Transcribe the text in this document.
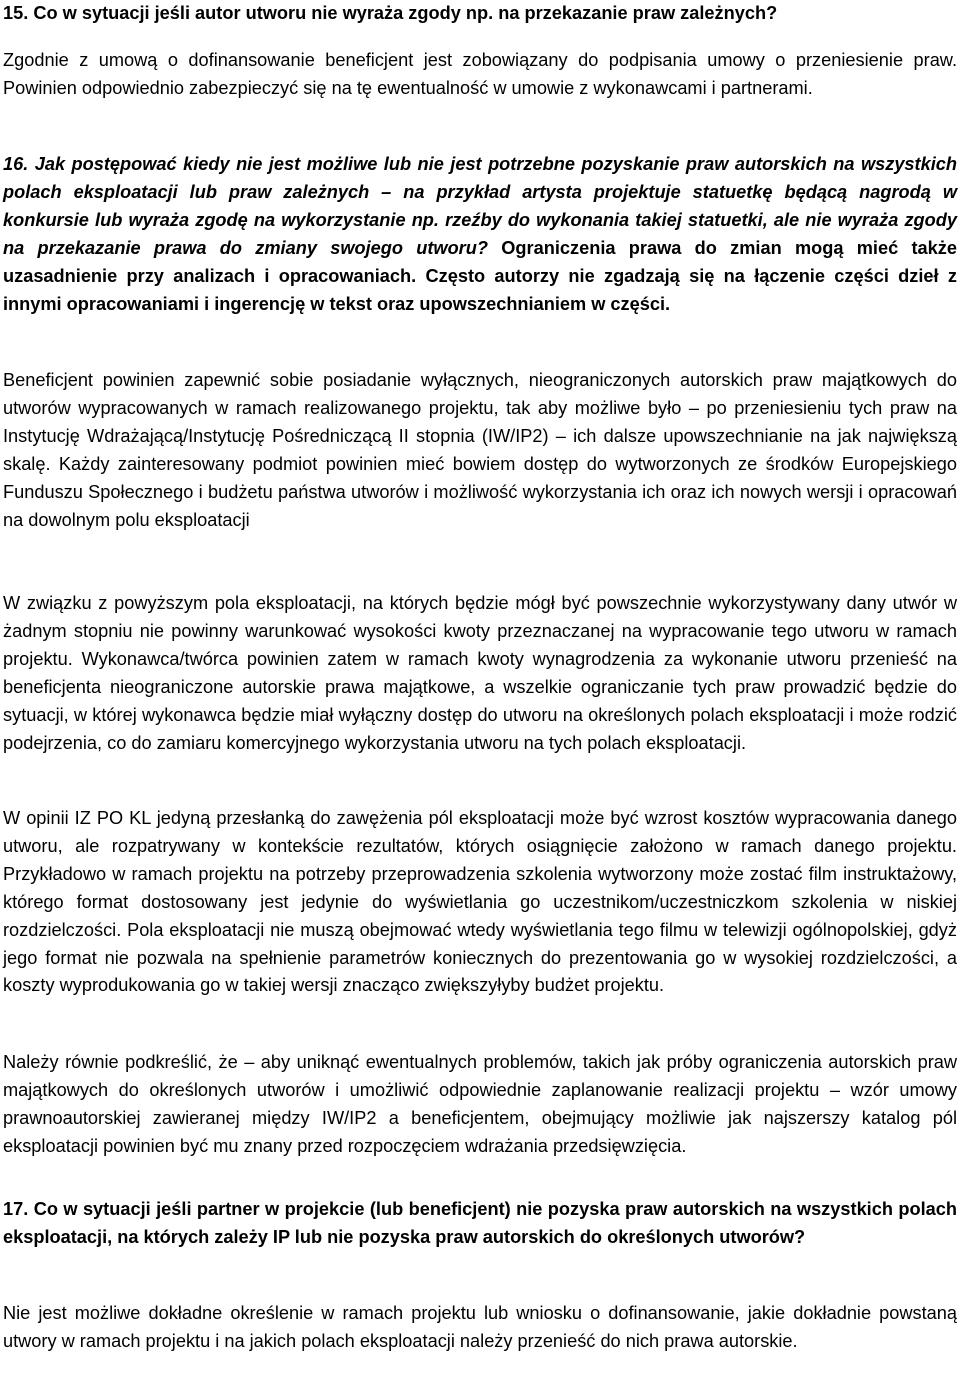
15. Co w sytuacji jeśli autor utworu nie wyraża zgody np. na przekazanie praw zależnych?

Zgodnie z umową o dofinansowanie beneficjent jest zobowiązany do podpisania umowy o przeniesienie praw. Powinien odpowiednio zabezpieczyć się na tę ewentualność w umowie z wykonawcami i partnerami.

16. Jak postępować kiedy nie jest możliwe lub nie jest potrzebne pozyskanie praw autorskich na wszystkich polach eksploatacji lub praw zależnych – na przykład artysta projektuje statuetkę będącą nagrodą w konkursie lub wyraża zgodę na wykorzystanie np. rzeźby do wykonania takiej statuetki, ale nie wyraża zgody na przekazanie prawa do zmiany swojego utworu? Ograniczenia prawa do zmian mogą mieć także uzasadnienie przy analizach i opracowaniach. Często autorzy nie zgadzają się na łączenie części dzieł z innymi opracowaniami i ingerencję w tekst oraz upowszechnianiem w części.

Beneficjent powinien zapewnić sobie posiadanie wyłącznych, nieograniczonych autorskich praw majątkowych do utworów wypracowanych w ramach realizowanego projektu, tak aby możliwe było – po przeniesieniu tych praw na Instytucję Wdrażającą/Instytucję Pośredniczącą II stopnia (IW/IP2) – ich dalsze upowszechnianie na jak największą skalę. Każdy zainteresowany podmiot powinien mieć bowiem dostęp do wytworzonych ze środków Europejskiego Funduszu Społecznego i budżetu państwa utworów i możliwość wykorzystania ich oraz ich nowych wersji i opracowań na dowolnym polu eksploatacji

W związku z powyższym pola eksploatacji, na których będzie mógł być powszechnie wykorzystywany dany utwór w żadnym stopniu nie powinny warunkować wysokości kwoty przeznaczanej na wypracowanie tego utworu w ramach projektu. Wykonawca/twórca powinien zatem w ramach kwoty wynagrodzenia za wykonanie utworu przenieść na beneficjenta nieograniczone autorskie prawa majątkowe, a wszelkie ograniczanie tych praw prowadzić będzie do sytuacji, w której wykonawca będzie miał wyłączny dostęp do utworu na określonych polach eksploatacji i może rodzić podejrzenia, co do zamiaru komercyjnego wykorzystania utworu na tych polach eksploatacji.

W opinii IZ PO KL jedyną przesłanką do zawężenia pól eksploatacji może być wzrost kosztów wypracowania danego utworu, ale rozpatrywany w kontekście rezultatów, których osiągnięcie założono w ramach danego projektu. Przykładowo w ramach projektu na potrzeby przeprowadzenia szkolenia wytworzony może zostać film instruktażowy, którego format dostosowany jest jedynie do wyświetlania go uczestnikom/uczestniczkom szkolenia w niskiej rozdzielczości. Pola eksploatacji nie muszą obejmować wtedy wyświetlania tego filmu w telewizji ogólnopolskiej, gdyż jego format nie pozwala na spełnienie parametrów koniecznych do prezentowania go w wysokiej rozdzielczości, a koszty wyprodukowania go w takiej wersji znacząco zwiększyłyby budżet projektu.

Należy równie podkreślić, że – aby uniknąć ewentualnych problemów, takich jak próby ograniczenia autorskich praw majątkowych do określonych utworów i umożliwić odpowiednie zaplanowanie realizacji projektu – wzór umowy prawnoautorskiej zawieranej między IW/IP2 a beneficjentem, obejmujący możliwie jak najszerszy katalog pól eksploatacji powinien być mu znany przed rozpoczęciem wdrażania przedsięwzięcia.

17. Co w sytuacji jeśli partner w projekcie (lub beneficjent) nie pozyska praw autorskich na wszystkich polach eksploatacji, na których zależy IP lub nie pozyska praw autorskich do określonych utworów?

Nie jest możliwe dokładne określenie w ramach projektu lub wniosku o dofinansowanie, jakie dokładnie powstaną utwory w ramach projektu i na jakich polach eksploatacji należy przenieść do nich prawa autorskie.
